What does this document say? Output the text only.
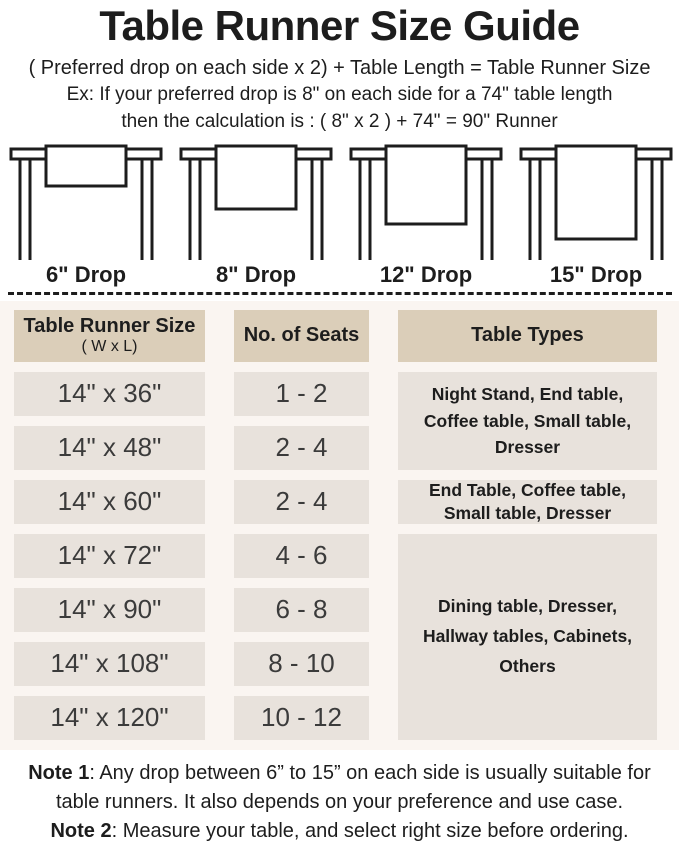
Table Runner Size Guide

( Preferred drop on each side x 2) + Table Length = Table Runner Size

Ex: If your preferred drop is 8" on each side for a 74" table length

then the calculation is : ( 8" x 2 ) + 74" = 90" Runner

6" Drop	8" Drop	12" Drop	15" Drop
Table Runner Size
( W x L)
No. of Seats	Table Types
14" x 36"	1 - 2	Night Stand, End table, Coffee table, Small table, Dresser
14" x 48"	2 - 4
14" x 60"	2 - 4	End Table, Coffee table, Small table, Dresser
14" x 72"	4 - 6
Dining table, Dresser, Hallway tables, Cabinets, Others
14" x 90"	6 - 8
14" x 108"	8 - 10
14" x 120"	10 - 12
Note 1: Any drop between 6” to 15” on each side is usually suitable for table runners. It also depends on your preference and use case.
Note 2: Measure your table, and select right size before ordering.
